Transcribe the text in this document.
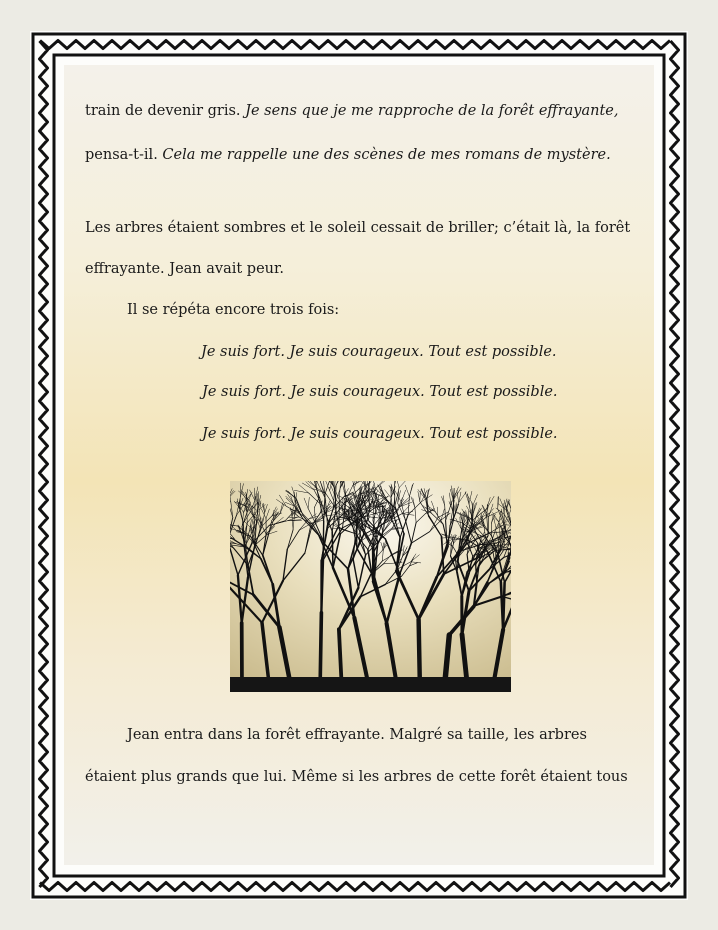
train de devenir gris. Je sens que je me rapproche de la forêt effrayante,
pensa-t-il. Cela me rappelle une des scènes de mes romans de mystère.
Les arbres étaient sombres et le soleil cessait de briller; c’était là, la forêt
effrayante. Jean avait peur.
Il se répéta encore trois fois:
Je suis fort. Je suis courageux. Tout est possible.
Je suis fort. Je suis courageux. Tout est possible.
Je suis fort. Je suis courageux. Tout est possible.
Jean entra dans la forêt effrayante. Malgré sa taille, les arbres
étaient plus grands que lui. Même si les arbres de cette forêt étaient tous
